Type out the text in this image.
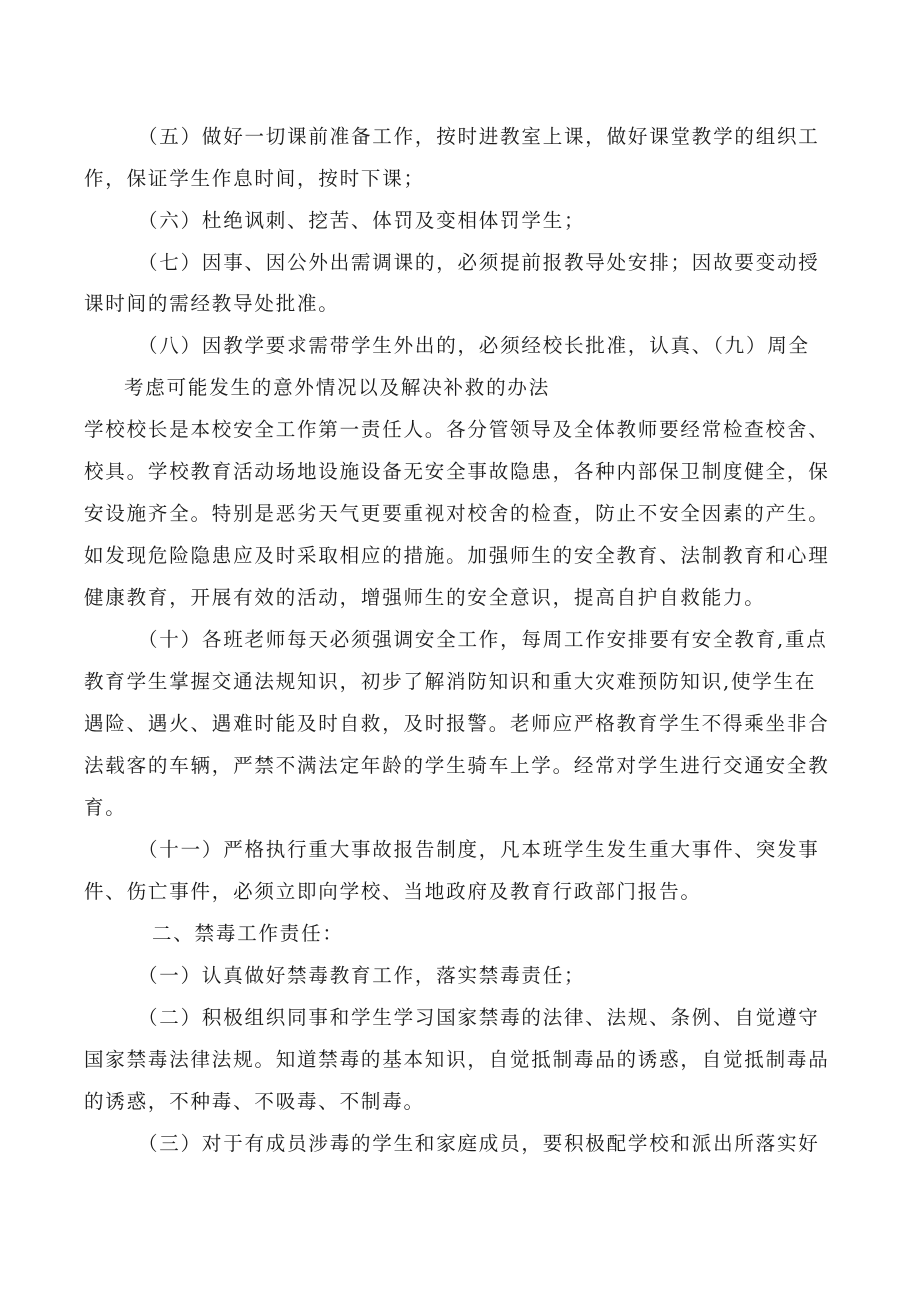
（五）做好一切课前准备工作，按时进教室上课，做好课堂教学的组织工
作，保证学生作息时间，按时下课；
（六）杜绝讽刺、挖苦、体罚及变相体罚学生；
（七）因事、因公外出需调课的，必须提前报教导处安排；因故要变动授
课时间的需经教导处批准。
（八）因教学要求需带学生外出的，必须经校长批准，认真、（九）周全
考虑可能发生的意外情况以及解决补救的办法
学校校长是本校安全工作第一责任人。各分管领导及全体教师要经常检查校舍、
校具。学校教育活动场地设施设备无安全事故隐患，各种内部保卫制度健全，保
安设施齐全。特别是恶劣天气更要重视对校舍的检查，防止不安全因素的产生。
如发现危险隐患应及时采取相应的措施。加强师生的安全教育、法制教育和心理
健康教育，开展有效的活动，增强师生的安全意识，提高自护自救能力。
（十）各班老师每天必须强调安全工作，每周工作安排要有安全教育,重点
教育学生掌握交通法规知识，初步了解消防知识和重大灾难预防知识,使学生在
遇险、遇火、遇难时能及时自救，及时报警。老师应严格教育学生不得乘坐非合
法载客的车辆，严禁不满法定年龄的学生骑车上学。经常对学生进行交通安全教
育。
（十一）严格执行重大事故报告制度，凡本班学生发生重大事件、突发事
件、伤亡事件，必须立即向学校、当地政府及教育行政部门报告。
二、禁毒工作责任：
（一）认真做好禁毒教育工作，落实禁毒责任；
（二）积极组织同事和学生学习国家禁毒的法律、法规、条例、自觉遵守
国家禁毒法律法规。知道禁毒的基本知识，自觉抵制毒品的诱惑，自觉抵制毒品
的诱惑，不种毒、不吸毒、不制毒。
（三）对于有成员涉毒的学生和家庭成员，要积极配学校和派出所落实好
